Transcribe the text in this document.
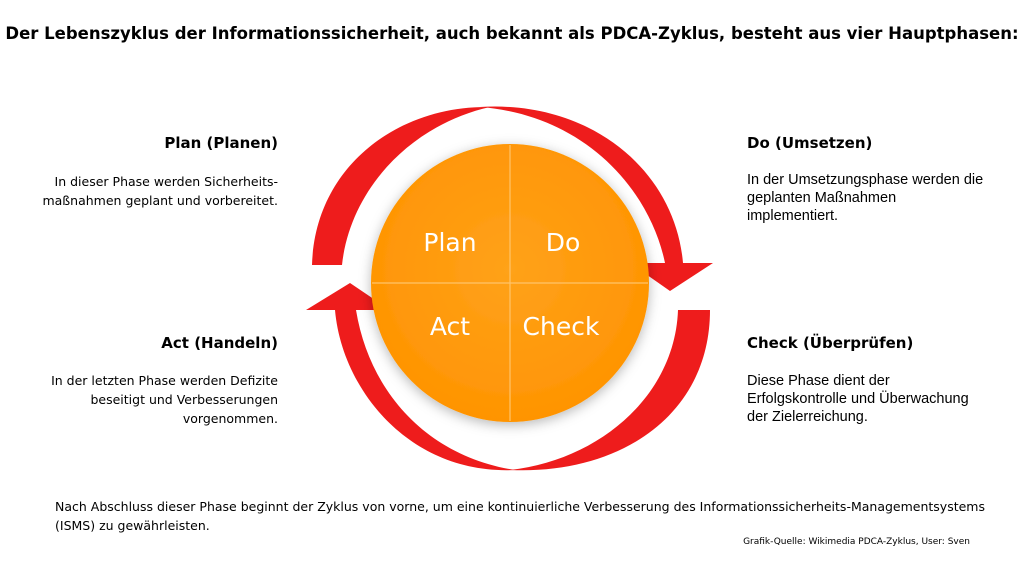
Der Lebenszyklus der Informationssicherheit, auch bekannt als PDCA-Zyklus, besteht aus vier Hauptphasen:
Plan (Planen)
In dieser Phase werden Sicherheits-
maßnahmen geplant und vorbereitet.
Act (Handeln)
In der letzten Phase werden Defizite
beseitigt und Verbesserungen
vorgenommen.
Do (Umsetzen)
In der Umsetzungsphase werden die
geplanten Maßnahmen
implementiert.
Check (Überprüfen)
Diese Phase dient der
Erfolgskontrolle und Überwachung
der Zielerreichung.
Plan	Do
Act Check
Nach Abschluss dieser Phase beginnt der Zyklus von vorne, um eine kontinuierliche Verbesserung des Informationssicherheits-Managementsystems (ISMS) zu gewährleisten.
Grafik-Quelle: Wikimedia PDCA-Zyklus, User: Sven
